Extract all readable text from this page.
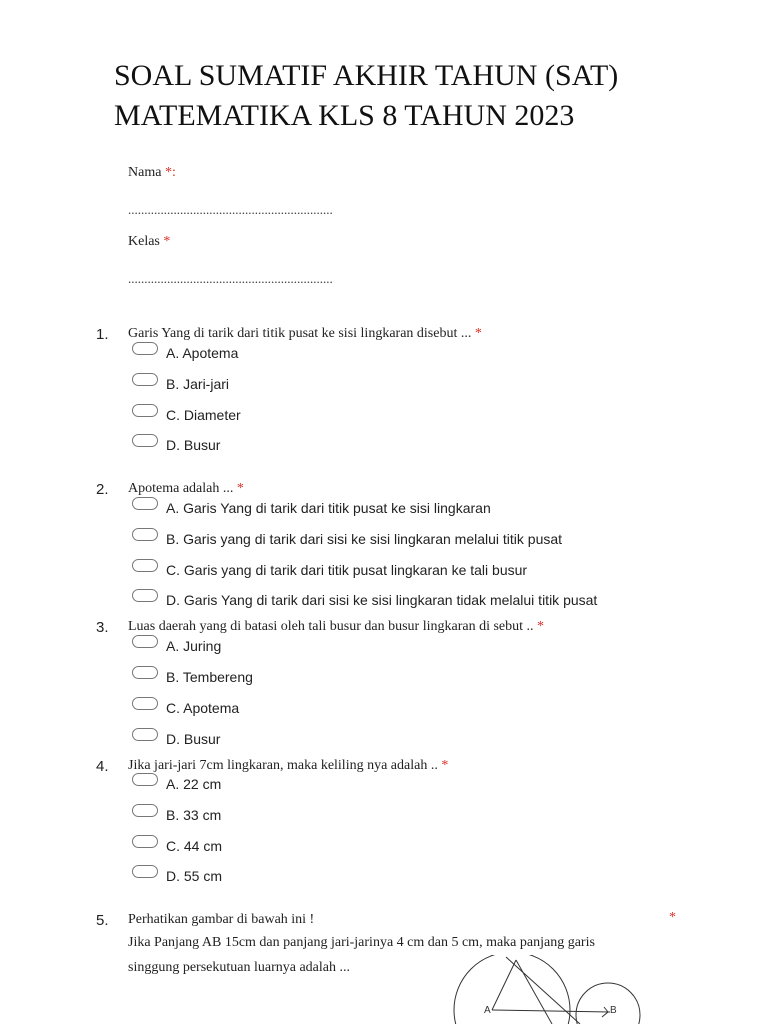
SOAL SUMATIF AKHIR TAHUN (SAT)
MATEMATIKA KLS 8 TAHUN 2023
Nama *:
...............................................................
Kelas *
...............................................................
1. Garis Yang di tarik dari titik pusat ke sisi lingkaran disebut ... *
A. Apotema
B. Jari-jari
C. Diameter
D. Busur
2. Apotema adalah ... *
A. Garis Yang di tarik dari titik pusat ke sisi lingkaran
B. Garis yang di tarik dari sisi ke sisi lingkaran melalui titik pusat
C. Garis yang di tarik dari titik pusat lingkaran ke tali busur
D. Garis Yang di tarik dari sisi ke sisi lingkaran tidak melalui titik pusat
3. Luas daerah yang di batasi oleh tali busur dan busur lingkaran di sebut .. *
A. Juring
B. Tembereng
C. Apotema
D. Busur
4. Jika jari-jari 7cm lingkaran, maka keliling nya adalah .. *
A. 22 cm
B. 33 cm
C. 44 cm
D. 55 cm
5. Perhatikan gambar di bawah ini !	*
Jika Panjang AB 15cm dan panjang jari-jarinya 4 cm dan 5 cm, maka panjang garis
singgung persekutuan luarnya adalah ...
A	B
